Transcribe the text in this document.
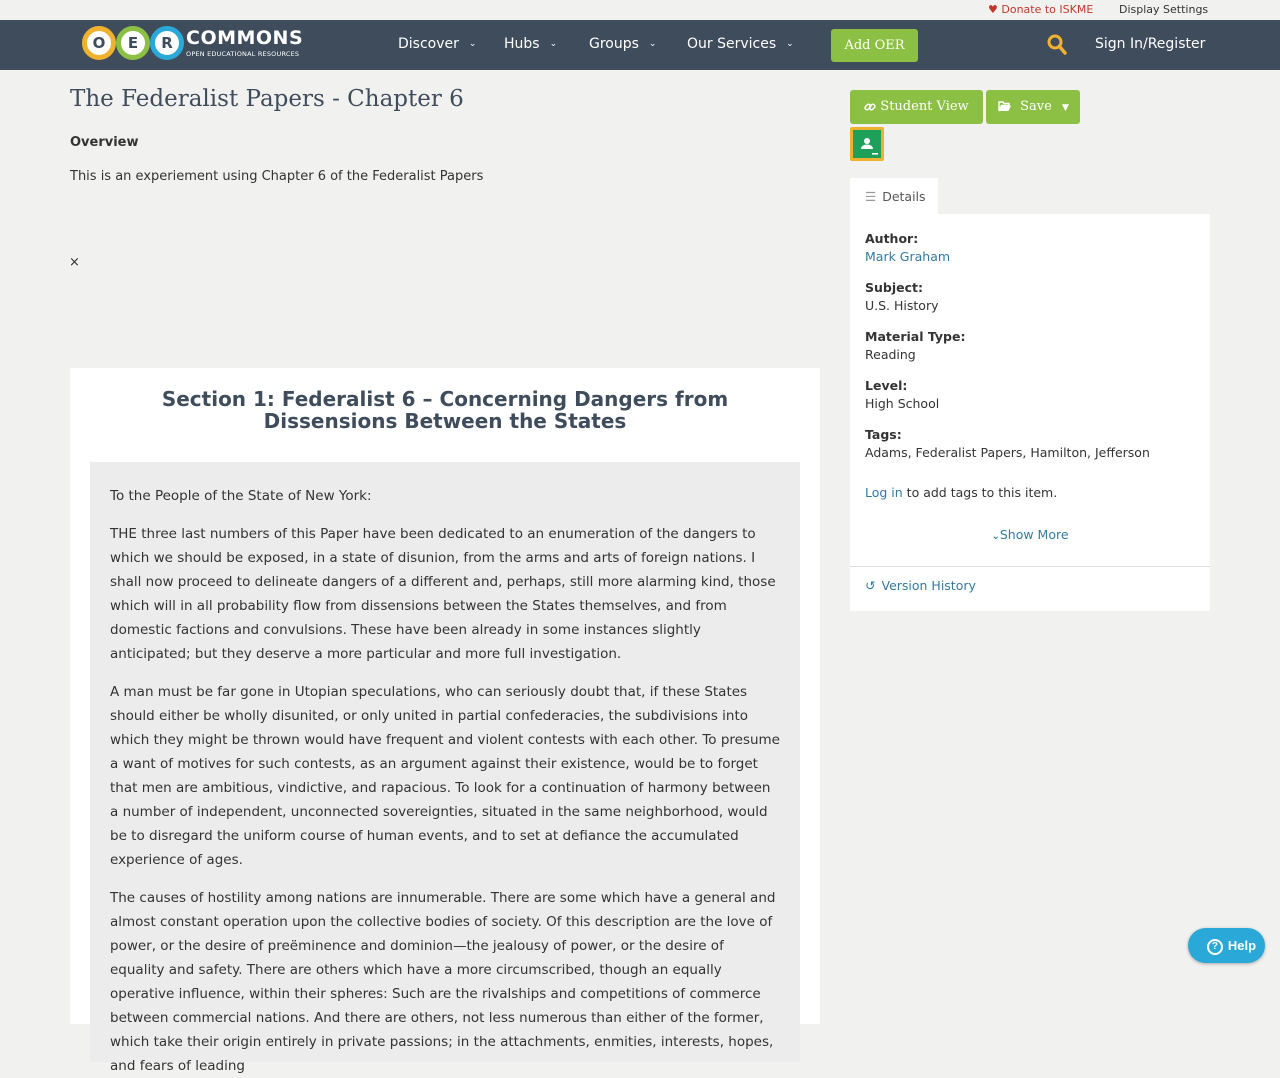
♥ Donate to ISKME Display Settings
O	E	R COMMONS
OPEN EDUCATIONAL RESOURCES
Discover ⌄ Hubs ⌄ Groups ⌄ Our Services ⌄	Add OER	Sign In/Register
The Federalist Papers - Chapter 6
Overview
This is an experiement using Chapter 6 of the Federalist Papers
×
Section 1: Federalist 6 – Concerning Dangers from Dissensions Between the States

To the People of the State of New York:

THE three last numbers of this Paper have been dedicated to an enumeration of the dangers to which we should be exposed, in a state of disunion, from the arms and arts of foreign nations. I shall now proceed to delineate dangers of a different and, perhaps, still more alarming kind, those which will in all probability flow from dissensions between the States themselves, and from domestic factions and convulsions. These have been already in some instances slightly anticipated; but they deserve a more particular and more full investigation.

A man must be far gone in Utopian speculations, who can seriously doubt that, if these States should either be wholly disunited, or only united in partial confederacies, the subdivisions into which they might be thrown would have frequent and violent contests with each other. To presume a want of motives for such contests, as an argument against their existence, would be to forget that men are ambitious, vindictive, and rapacious. To look for a continuation of harmony between a number of independent, unconnected sovereignties, situated in the same neighborhood, would be to disregard the uniform course of human events, and to set at defiance the accumulated experience of ages.

The causes of hostility among nations are innumerable. There are some which have a general and almost constant operation upon the collective bodies of society. Of this description are the love of power, or the desire of preëminence and dominion—the jealousy of power, or the desire of equality and safety. There are others which have a more circumscribed, though an equally operative influence, within their spheres: Such are the rivalships and competitions of commerce between commercial nations. And there are others, not less numerous than either of the former, which take their origin entirely in private passions; in the attachments, enmities, interests, hopes, and fears of leading

Student View	Save ▼
☰ Details
Author:
Mark Graham
Subject:
U.S. History
Material Type:
Reading
Level:
High School
Tags:
Adams, Federalist Papers, Hamilton, Jefferson
Log in to add tags to this item.
⌄Show More
↺ Version History
? Help
